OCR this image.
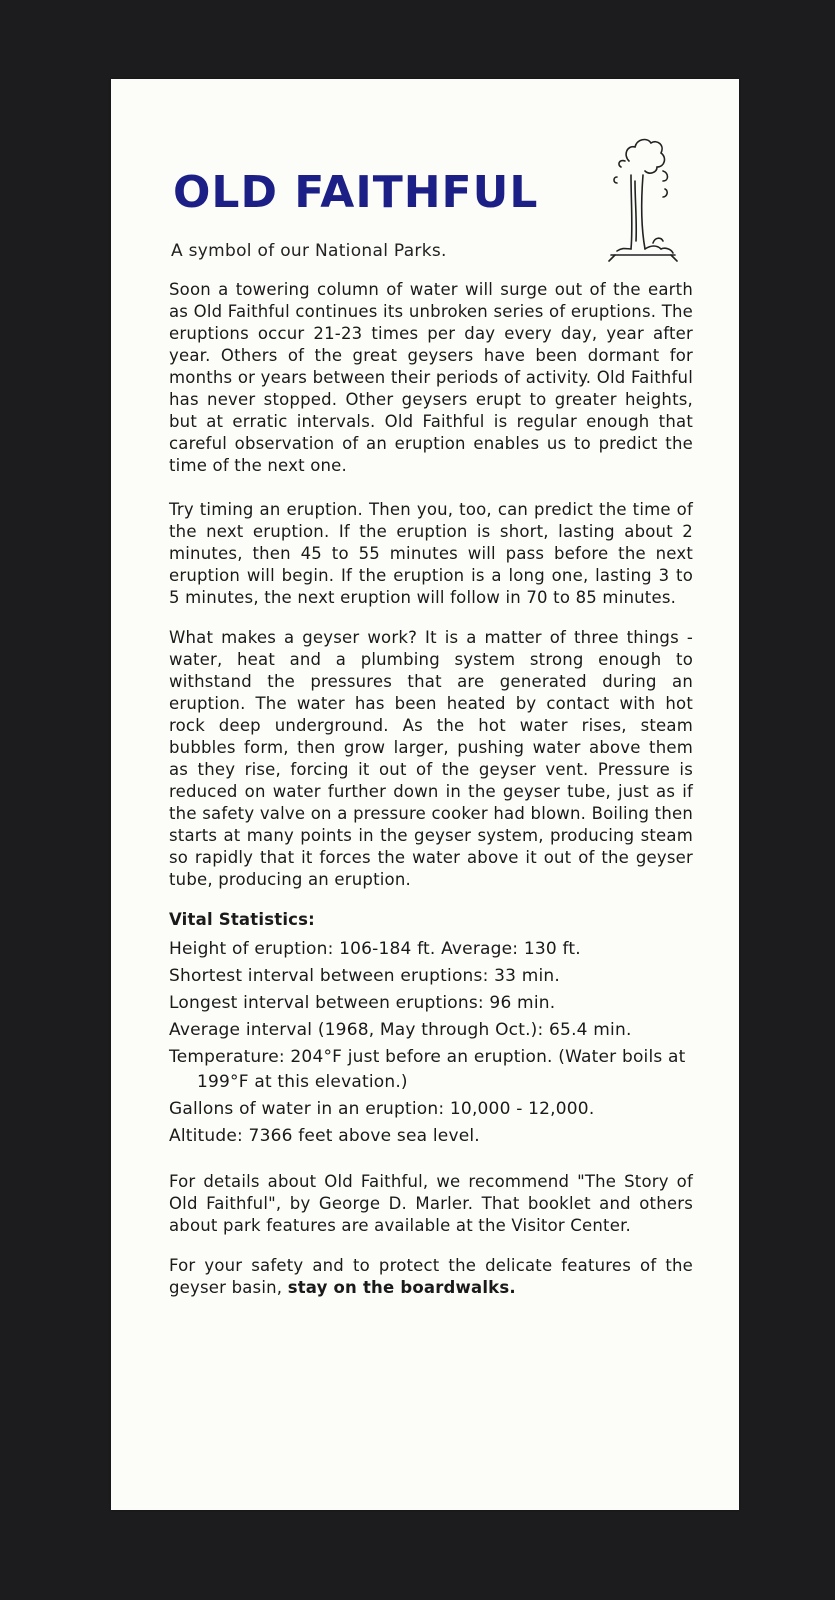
OLD FAITHFUL

A symbol of our National Parks.

Soon a towering column of water will surge out of the earth as Old Faithful continues its unbroken series of eruptions. The eruptions occur 21-23 times per day every day, year after year. Others of the great geysers have been dormant for months or years between their periods of activity. Old Faithful has never stopped. Other geysers erupt to greater heights, but at erratic intervals. Old Faithful is regular enough that careful observation of an eruption enables us to predict the time of the next one.

Try timing an eruption. Then you, too, can predict the time of the next eruption. If the eruption is short, lasting about 2 minutes, then 45 to 55 minutes will pass before the next eruption will begin. If the eruption is a long one, lasting 3 to 5 minutes, the next eruption will follow in 70 to 85 minutes.

What makes a geyser work? It is a matter of three things - water, heat and a plumbing system strong enough to withstand the pressures that are generated during an eruption. The water has been heated by contact with hot rock deep underground. As the hot water rises, steam bubbles form, then grow larger, pushing water above them as they rise, forcing it out of the geyser vent. Pressure is reduced on water further down in the geyser tube, just as if the safety valve on a pressure cooker had blown. Boiling then starts at many points in the geyser system, producing steam so rapidly that it forces the water above it out of the geyser tube, producing an eruption.

Vital Statistics:
Height of eruption: 106-184 ft. Average: 130 ft.
Shortest interval between eruptions: 33 min.
Longest interval between eruptions: 96 min.
Average interval (1968, May through Oct.): 65.4 min.
Temperature: 204°F just before an eruption. (Water boils at 199°F at this elevation.)
Gallons of water in an eruption: 10,000 - 12,000.
Altitude: 7366 feet above sea level.

For details about Old Faithful, we recommend "The Story of Old Faithful", by George D. Marler. That booklet and others about park features are available at the Visitor Center.

For your safety and to protect the delicate features of the geyser basin, stay on the boardwalks.
